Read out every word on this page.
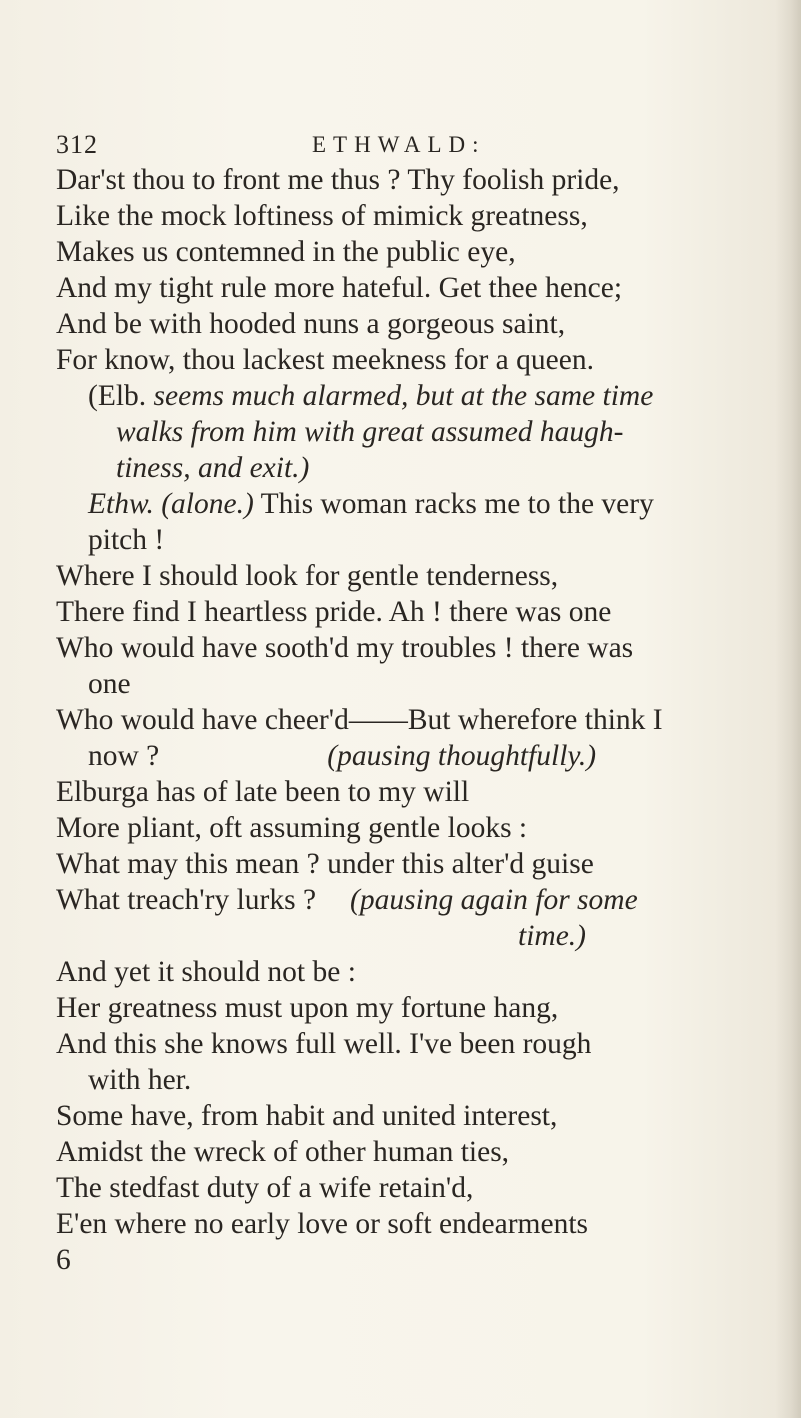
312	ETHWALD:
Dar'st thou to front me thus ? Thy foolish pride,
Like the mock loftiness of mimick greatness,
Makes us contemned in the public eye,
And my tight rule more hateful. Get thee hence;
And be with hooded nuns a gorgeous saint,
For know, thou lackest meekness for a queen.
(Elb. seems much alarmed, but at the same time
walks from him with great assumed haugh-
tiness, and exit.)
Ethw. (alone.) This woman racks me to the very
pitch !
Where I should look for gentle tenderness,
There find I heartless pride. Ah ! there was one
Who would have sooth'd my troubles ! there was
one
Who would have cheer'd——But wherefore think I
now ?	(pausing thoughtfully.)
Elburga has of late been to my will
More pliant, oft assuming gentle looks :
What may this mean ? under this alter'd guise
What treach'ry lurks ? (pausing again for some
time.)
And yet it should not be :
Her greatness must upon my fortune hang,
And this she knows full well. I've been rough
with her.
Some have, from habit and united interest,
Amidst the wreck of other human ties,
The stedfast duty of a wife retain'd,
E'en where no early love or soft endearments
6
